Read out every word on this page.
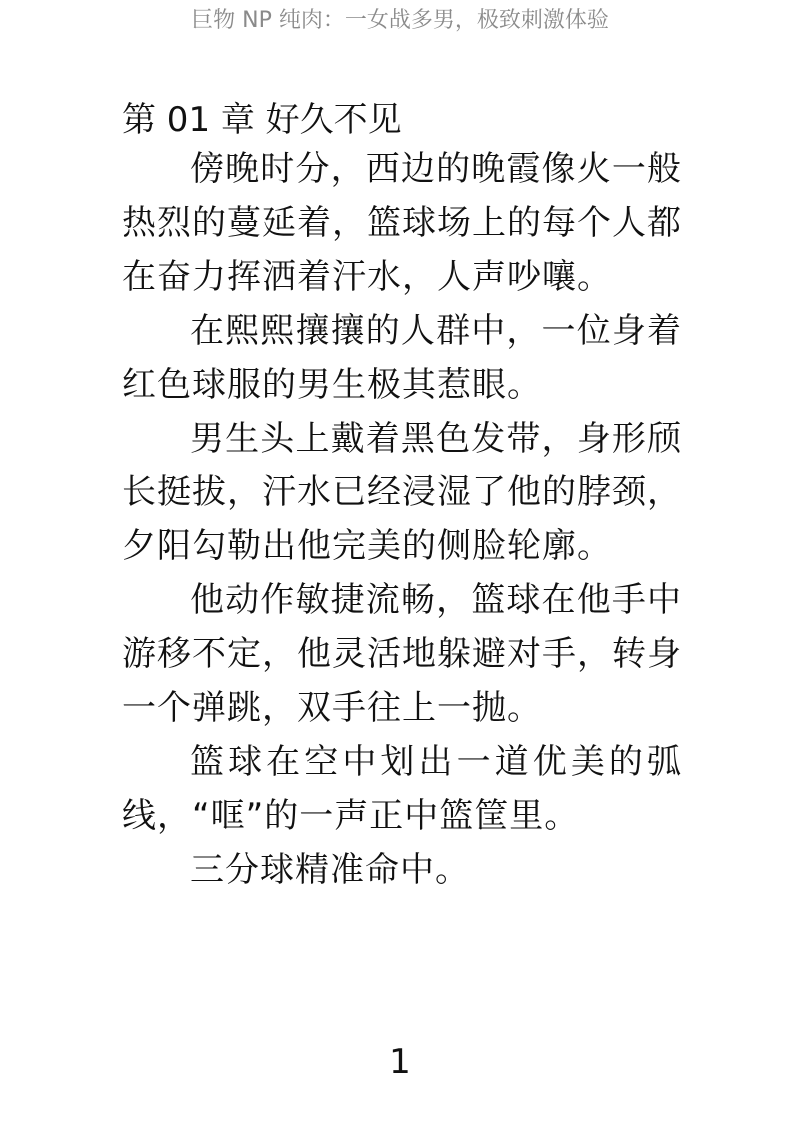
巨物 NP 纯肉：一女战多男，极致刺激体验
第 01 章 好久不见

傍晚时分，西边的晚霞像火一般热烈的蔓延着，篮球场上的每个人都在奋力挥洒着汗水，人声吵嚷。

在熙熙攘攘的人群中，一位身着红色球服的男生极其惹眼。

男生头上戴着黑色发带，身形颀长挺拔，汗水已经浸湿了他的脖颈，夕阳勾勒出他完美的侧脸轮廓。

他动作敏捷流畅，篮球在他手中游移不定，他灵活地躲避对手，转身一个弹跳，双手往上一抛。

篮球在空中划出一道优美的弧线，“哐”的一声正中篮筐里。

三分球精准命中。

1
